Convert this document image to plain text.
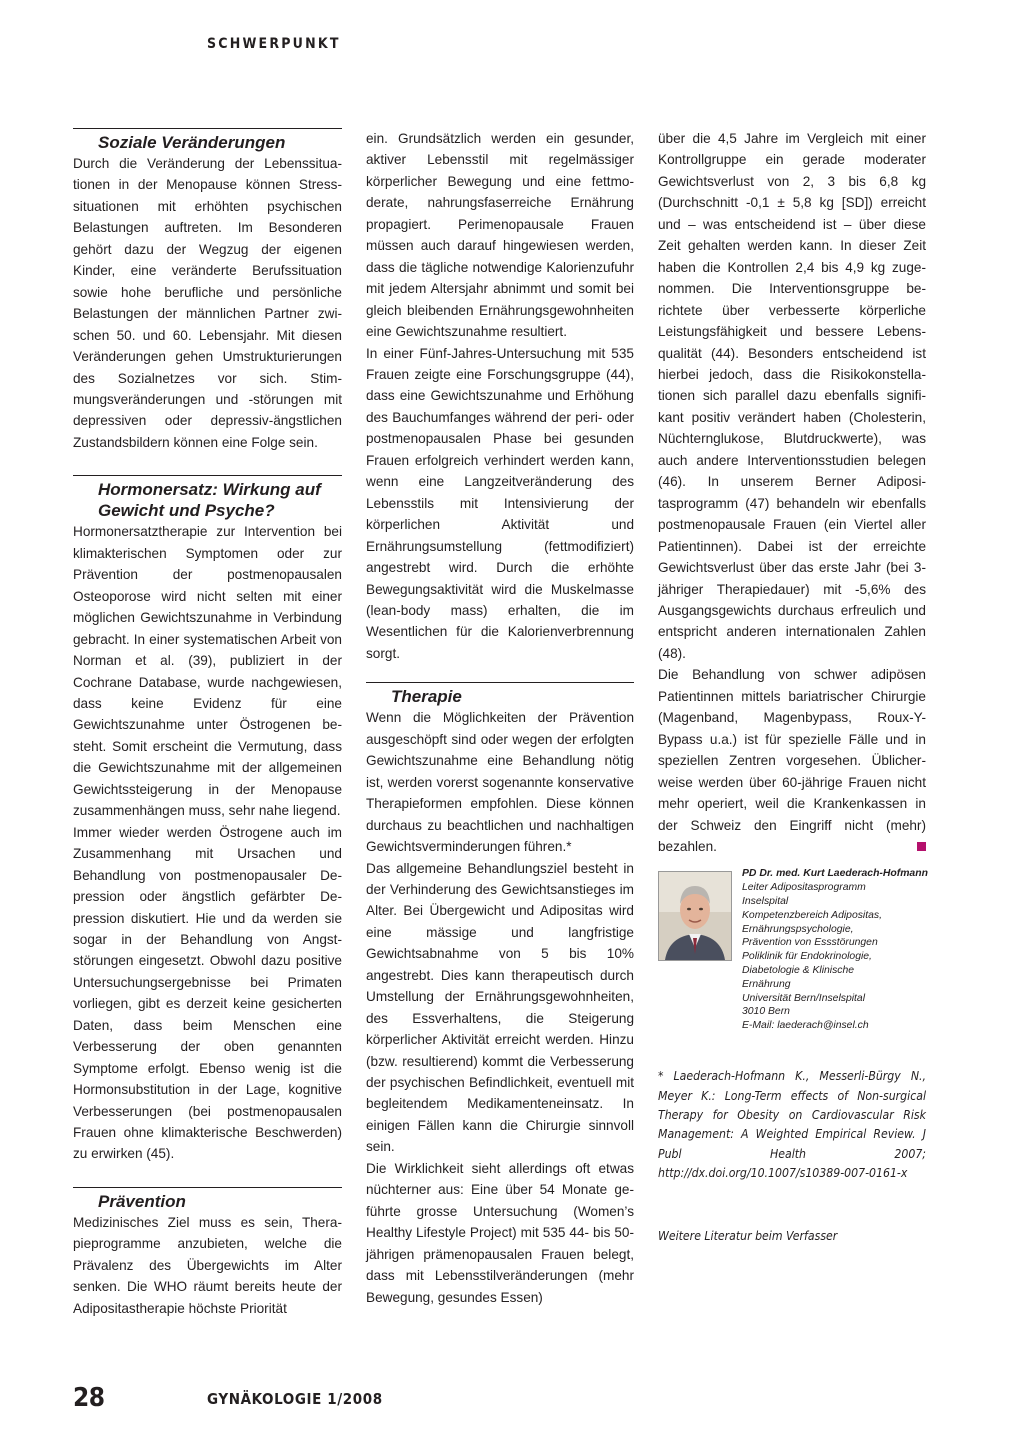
SCHWERPUNKT
Soziale Veränderungen

Durch die Veränderung der Lebenssituationen in der Menopause können Stresssituationen mit erhöhten psychischen Belastungen auftreten. Im Besonderen gehört dazu der Wegzug der eigenen Kinder, eine veränderte Berufssituation sowie hohe berufliche und persönliche Belastungen der männlichen Partner zwischen 50. und 60. Lebensjahr. Mit diesen Veränderungen gehen Umstrukturierungen des Sozialnetzes vor sich. Stimmungsveränderungen und -störungen mit depressiven oder depressiv-ängstlichen Zustandsbildern können eine Folge sein.

Hormonersatz: Wirkung auf Gewicht und Psyche?

Hormonersatztherapie zur Intervention bei klimakterischen Symptomen oder zur Prävention der postmenopausalen Osteoporose wird nicht selten mit einer möglichen Gewichtszunahme in Verbindung gebracht. In einer systematischen Arbeit von Norman et al. (39), publiziert in der Cochrane Database, wurde nachgewiesen, dass keine Evidenz für eine Gewichtszunahme unter Östrogenen besteht. Somit erscheint die Vermutung, dass die Gewichtszunahme mit der allgemeinen Gewichtssteigerung in der Menopause zusammenhängen muss, sehr nahe liegend.

Immer wieder werden Östrogene auch im Zusammenhang mit Ursachen und Behandlung von postmenopausaler Depression oder ängstlich gefärbter Depression diskutiert. Hie und da werden sie sogar in der Behandlung von Angststörungen eingesetzt. Obwohl dazu positive Untersuchungsergebnisse bei Primaten vorliegen, gibt es derzeit keine gesicherten Daten, dass beim Menschen eine Verbesserung der oben genannten Symptome erfolgt. Ebenso wenig ist die Hormonsubstitution in der Lage, kognitive Verbesserungen (bei postmenopausalen Frauen ohne klimakterische Beschwerden) zu erwirken (45).

Prävention

Medizinisches Ziel muss es sein, Therapieprogramme anzubieten, welche die Prävalenz des Übergewichts im Alter senken. Die WHO räumt bereits heute der Adipositastherapie höchste Priorität

ein. Grundsätzlich werden ein gesunder, aktiver Lebensstil mit regelmässiger körperlicher Bewegung und eine fettmoderate, nahrungsfaserreiche Ernährung propagiert. Perimenopausale Frauen müssen auch darauf hingewiesen werden, dass die tägliche notwendige Kalorienzufuhr mit jedem Altersjahr abnimmt und somit bei gleich bleibenden Ernährungsgewohnheiten eine Gewichtszunahme resultiert.

In einer Fünf-Jahres-Untersuchung mit 535 Frauen zeigte eine Forschungsgruppe (44), dass eine Gewichtszunahme und Erhöhung des Bauchumfanges während der peri- oder postmenopausalen Phase bei gesunden Frauen erfolgreich verhindert werden kann, wenn eine Langzeitveränderung des Lebensstils mit Intensivierung der körperlichen Aktivität und Ernährungsumstellung (fettmodifiziert) angestrebt wird. Durch die erhöhte Bewegungsaktivität wird die Muskelmasse (lean-body mass) erhalten, die im Wesentlichen für die Kalorienverbrennung sorgt.

Therapie

Wenn die Möglichkeiten der Prävention ausgeschöpft sind oder wegen der erfolgten Gewichtszunahme eine Behandlung nötig ist, werden vorerst sogenannte konservative Therapieformen empfohlen. Diese können durchaus zu beachtlichen und nachhaltigen Gewichtsverminderungen führen.*

Das allgemeine Behandlungsziel besteht in der Verhinderung des Gewichtsanstieges im Alter. Bei Übergewicht und Adipositas wird eine mässige und langfristige Gewichtsabnahme von 5 bis 10% angestrebt. Dies kann therapeutisch durch Umstellung der Ernährungsgewohnheiten, des Essverhaltens, die Steigerung körperlicher Aktivität erreicht werden. Hinzu (bzw. resultierend) kommt die Verbesserung der psychischen Befindlichkeit, eventuell mit begleitendem Medikamenteneinsatz. In einigen Fällen kann die Chirurgie sinnvoll sein.

Die Wirklichkeit sieht allerdings oft etwas nüchterner aus: Eine über 54 Monate geführte grosse Untersuchung (Women’s Healthy Lifestyle Project) mit 535 44- bis 50-jährigen prämenopausalen Frauen belegt, dass mit Lebensstilveränderungen (mehr Bewegung, gesundes Essen)

über die 4,5 Jahre im Vergleich mit einer Kontrollgruppe ein gerade moderater Gewichtsverlust von 2, 3 bis 6,8 kg (Durchschnitt -0,1 ± 5,8 kg [SD]) erreicht und – was entscheidend ist – über diese Zeit gehalten werden kann. In dieser Zeit haben die Kontrollen 2,4 bis 4,9 kg zugenommen. Die Interventionsgruppe berichtete über verbesserte körperliche Leistungsfähigkeit und bessere Lebensqualität (44). Besonders entscheidend ist hierbei jedoch, dass die Risikokonstellationen sich parallel dazu ebenfalls signifikant positiv verändert haben (Cholesterin, Nüchternglukose, Blutdruckwerte), was auch andere Interventionsstudien belegen (46). In unserem Berner Adipositasprogramm (47) behandeln wir ebenfalls postmenopausale Frauen (ein Viertel aller Patientinnen). Dabei ist der erreichte Gewichtsverlust über das erste Jahr (bei 3-jähriger Therapiedauer) mit -5,6% des Ausgangsgewichts durchaus erfreulich und entspricht anderen internationalen Zahlen (48).

Die Behandlung von schwer adipösen Patientinnen mittels bariatrischer Chirurgie (Magenband, Magenbypass, Roux-Y-Bypass u.a.) ist für spezielle Fälle und in speziellen Zentren vorgesehen. Üblicherweise werden über 60-jährige Frauen nicht mehr operiert, weil die Krankenkassen in der Schweiz den Eingriff nicht (mehr) bezahlen.

PD Dr. med. Kurt Laederach-Hofmann
Leiter Adipositasprogramm
Inselspital
Kompetenzbereich Adipositas,
Ernährungspsychologie,
Prävention von Essstörungen
Poliklinik für Endokrinologie,
Diabetologie & Klinische
Ernährung
Universität Bern/Inselspital
3010 Bern
E-Mail: laederach@insel.ch
* Laederach-Hofmann K., Messerli-Bürgy N., Meyer K.: Long-Term effects of Non-surgical Therapy for Obesity on Cardiovascular Risk Management: A Weighted Empirical Review. J Publ Health 2007; http://dx.doi.org/10.1007/s10389-007-0161-x
Weitere Literatur beim Verfasser
28	GYNÄKOLOGIE 1/2008
